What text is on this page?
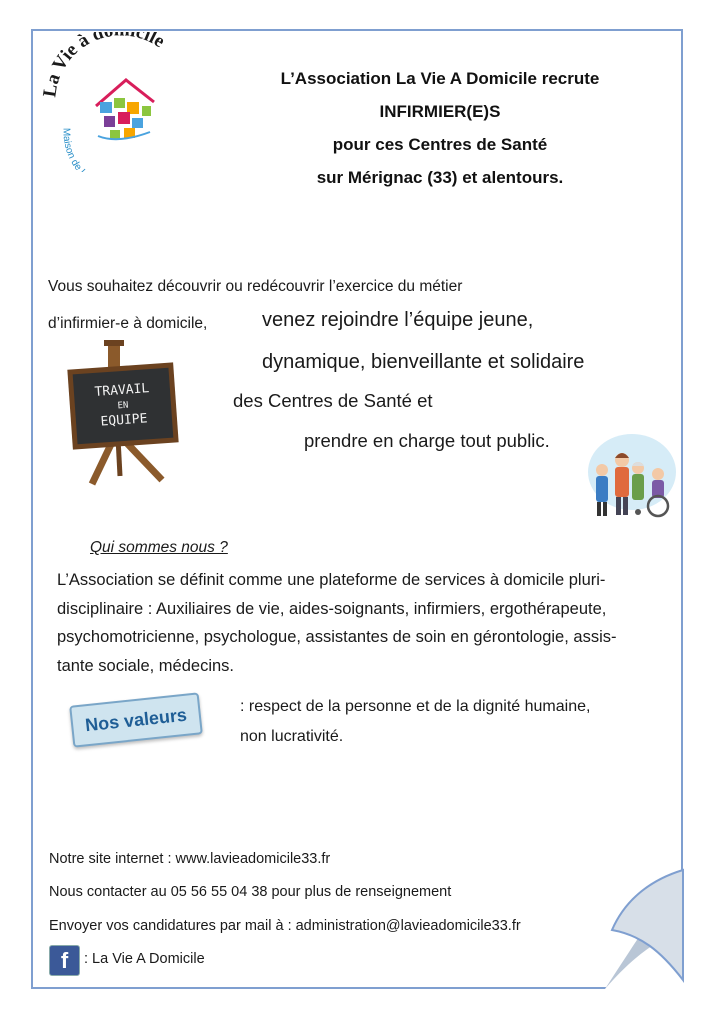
La Vie à d cile
Maison de
L’Association La Vie A Domicile recrute
INFIRMIER(E)S
pour ces Centres de Santé
sur Mérignac (33) et alentours.
Vous souhaitez découvrir ou redécouvrir l’exercice du métier
d’infirmier-e à domicile,	venez rejoindre l’équipe jeune,
dynamique, bienveillante et solidaire
des Centres de Santé et
prendre en charge tout public.
TRAVAIL
EN
EQUIPE
Qui sommes nous ?
L’Association se définit comme une plateforme de services à domicile pluri-
disciplinaire : Auxiliaires de vie, aides-soignants, infirmiers, ergothérapeute,
psychomotricienne, psychologue, assistantes de soin en gérontologie, assis-
tante sociale, médecins.
Nos valeurs	: respect de la personne et de la dignité humaine,
non lucrativité.
Notre site internet : www.lavieadomicile33.fr
Nous contacter au 05 56 55 04 38 pour plus de renseignement
Envoyer vos candidatures par mail à : administration@lavieadomicile33.fr
f : La Vie A Domicile
